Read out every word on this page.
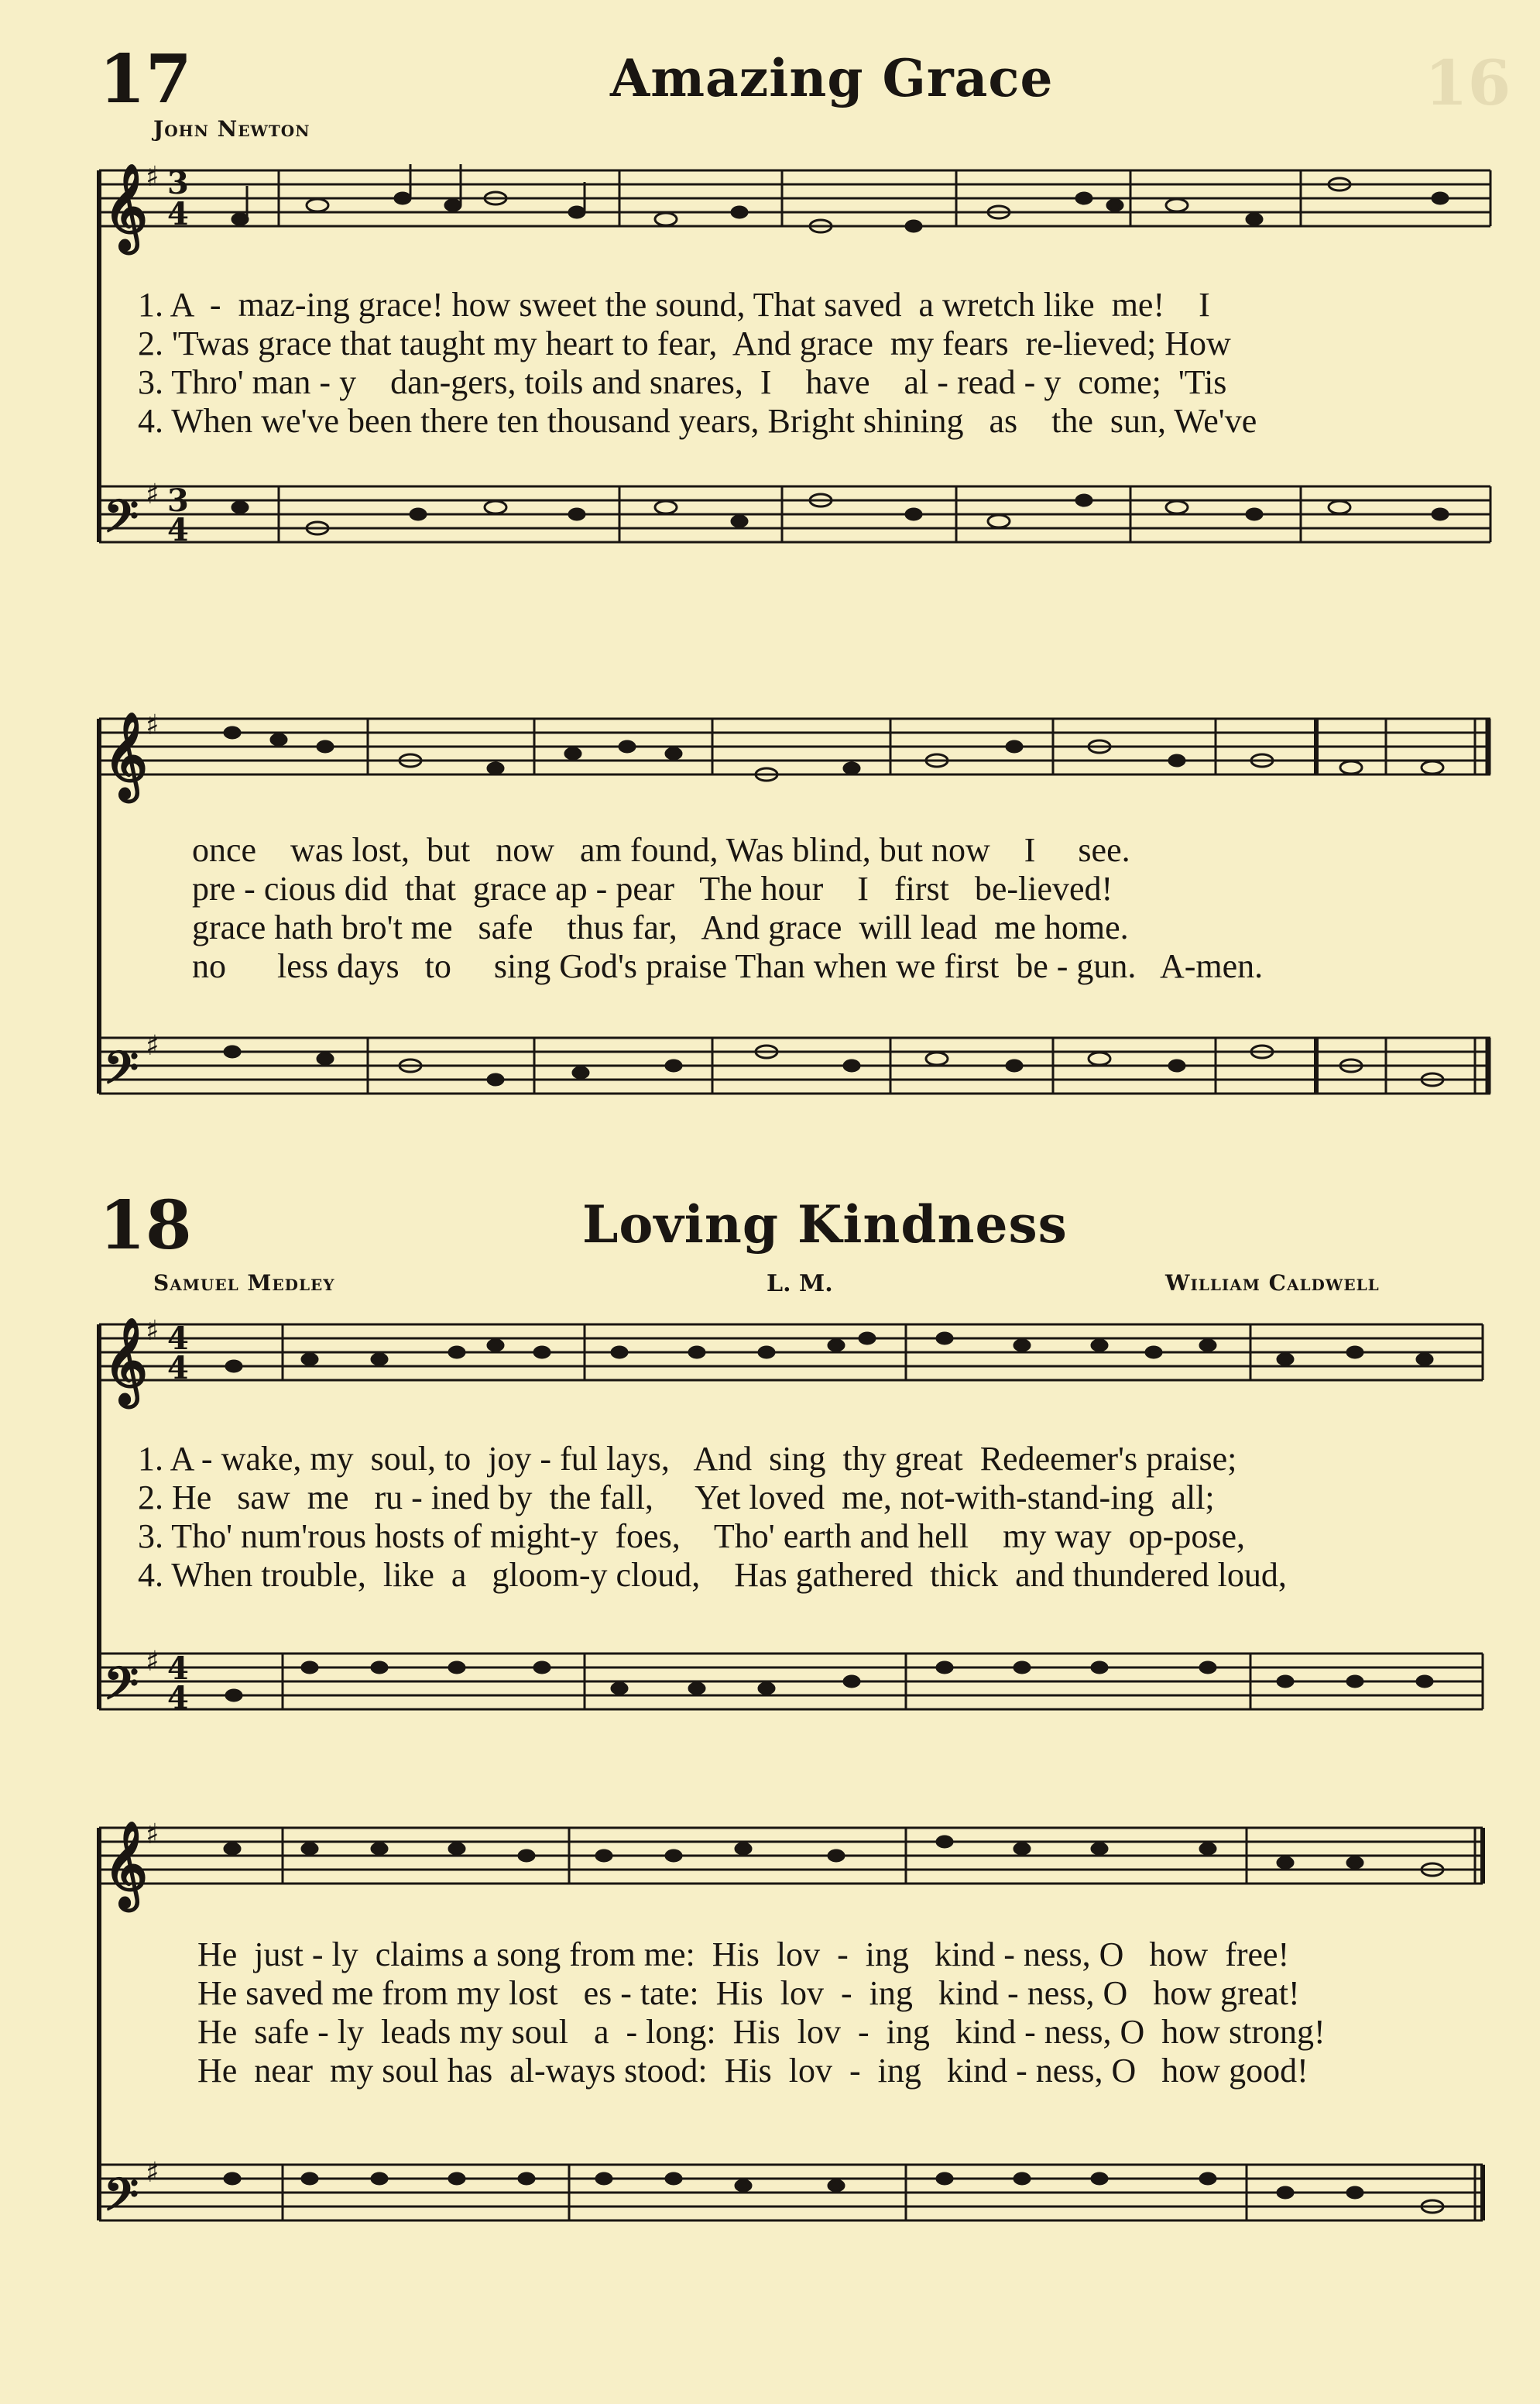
16
17	Amazing Grace
John Newton
𝄞
𝄢
3
4
3
4
𝄞
𝄢
♯
♯
♯
♯
1. A  -  maz-ing grace! how sweet the sound, That saved  a wretch like  me!    I
2. 'Twas grace that taught my heart to fear,  And grace  my fears  re-lieved; How
3. Thro' man - y    dan-gers, toils and snares,  I    have    al - read - y  come;  'Tis
4. When we've been there ten thousand years, Bright shining   as    the  sun, We've
once    was lost,  but   now   am found, Was blind, but now    I     see.
pre - cious did  that  grace ap - pear   The hour    I   first   be-lieved!
grace hath bro't me   safe    thus far,   And grace  will lead  me home.
no      less days   to     sing God's praise Than when we first  be - gun.   A-men.
18	Loving Kindness
Samuel Medley	L. M.	William Caldwell
𝄞
𝄢
4
4
4
4
𝄞
𝄢
♯
♯
♯
♯
1. A - wake, my  soul, to  joy - ful lays,   And  sing  thy great  Redeemer's praise;
2. He   saw  me   ru - ined by  the fall,     Yet loved  me, not-with-stand-ing  all;
3. Tho' num'rous hosts of might-y  foes,    Tho' earth and hell    my way  op-pose,
4. When trouble,  like  a   gloom-y cloud,    Has gathered  thick  and thundered loud,
He  just - ly  claims a song from me:  His  lov  -  ing   kind - ness, O   how  free!
He saved me from my lost   es - tate:  His  lov  -  ing   kind - ness, O   how great!
He  safe - ly  leads my soul   a  - long:  His  lov  -  ing   kind - ness, O  how strong!
He  near  my soul has  al-ways stood:  His  lov  -  ing   kind - ness, O   how good!
